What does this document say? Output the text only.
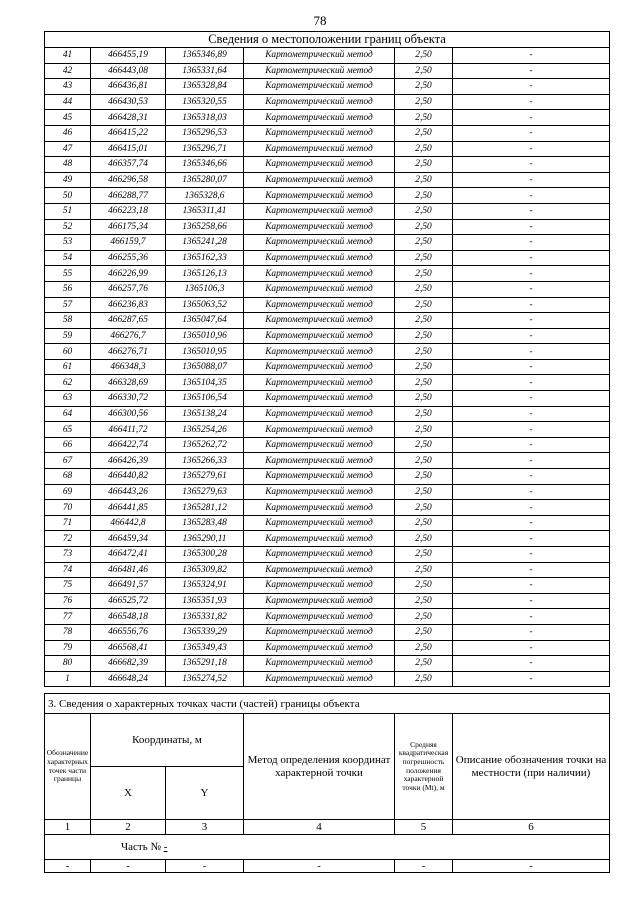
78
Сведения о местоположении границ объекта					
41	466455,19	1365346,89	Картометрический метод	2,50	-
42	466443,08	1365331,64	Картометрический метод	2,50	-
43	466436,81	1365328,84	Картометрический метод	2,50	-
44	466430,53	1365320,55	Картометрический метод	2,50	-
45	466428,31	1365318,03	Картометрический метод	2,50	-
46	466415,22	1365296,53	Картометрический метод	2,50	-
47	466415,01	1365296,71	Картометрический метод	2,50	-
48	466357,74	1365346,66	Картометрический метод	2,50	-
49	466296,58	1365280,07	Картометрический метод	2,50	-
50	466288,77	1365328,6	Картометрический метод	2,50	-
51	466223,18	1365311,41	Картометрический метод	2,50	-
52	466175,34	1365258,66	Картометрический метод	2,50	-
53	466159,7	1365241,28	Картометрический метод	2,50	-
54	466255,36	1365162,33	Картометрический метод	2,50	-
55	466226,99	1365126,13	Картометрический метод	2,50	-
56	466257,76	1365106,3	Картометрический метод	2,50	-
57	466236,83	1365063,52	Картометрический метод	2,50	-
58	466287,65	1365047,64	Картометрический метод	2,50	-
59	466276,7	1365010,96	Картометрический метод	2,50	-
60	466276,71	1365010,95	Картометрический метод	2,50	-
61	466348,3	1365088,07	Картометрический метод	2,50	-
62	466328,69	1365104,35	Картометрический метод	2,50	-
63	466330,72	1365106,54	Картометрический метод	2,50	-
64	466300,56	1365138,24	Картометрический метод	2,50	-
65	466411,72	1365254,26	Картометрический метод	2,50	-
66	466422,74	1365262,72	Картометрический метод	2,50	-
67	466426,39	1365266,33	Картометрический метод	2,50	-
68	466440,82	1365279,61	Картометрический метод	2,50	-
69	466443,26	1365279,63	Картометрический метод	2,50	-
70	466441,85	1365281,12	Картометрический метод	2,50	-
71	466442,8	1365283,48	Картометрический метод	2,50	-
72	466459,34	1365290,11	Картометрический метод	2,50	-
73	466472,41	1365300,28	Картометрический метод	2,50	-
74	466481,46	1365309,82	Картометрический метод	2,50	-
75	466491,57	1365324,91	Картометрический метод	2,50	-
76	466525,72	1365351,93	Картометрический метод	2,50	-
77	466548,18	1365331,82	Картометрический метод	2,50	-
78	466556,76	1365339,29	Картометрический метод	2,50	-
79	466568,41	1365349,43	Картометрический метод	2,50	-
80	466682,39	1365291,18	Картометрический метод	2,50	-
1	466648,24	1365274,52	Картометрический метод	2,50	-
3. Сведения о характерных точках части (частей) границы объекта					
Обозначение характерных точек части границы	Координаты, м		Метод определения координат характерной точки	Средняя квадратическая погрешность положения характерной точки (Мt), м	Описание обозначения точки на местности (при наличии)
	X	Y			
1	2	3	4	5	6
Часть № -					
-	-	-	-	-	-
